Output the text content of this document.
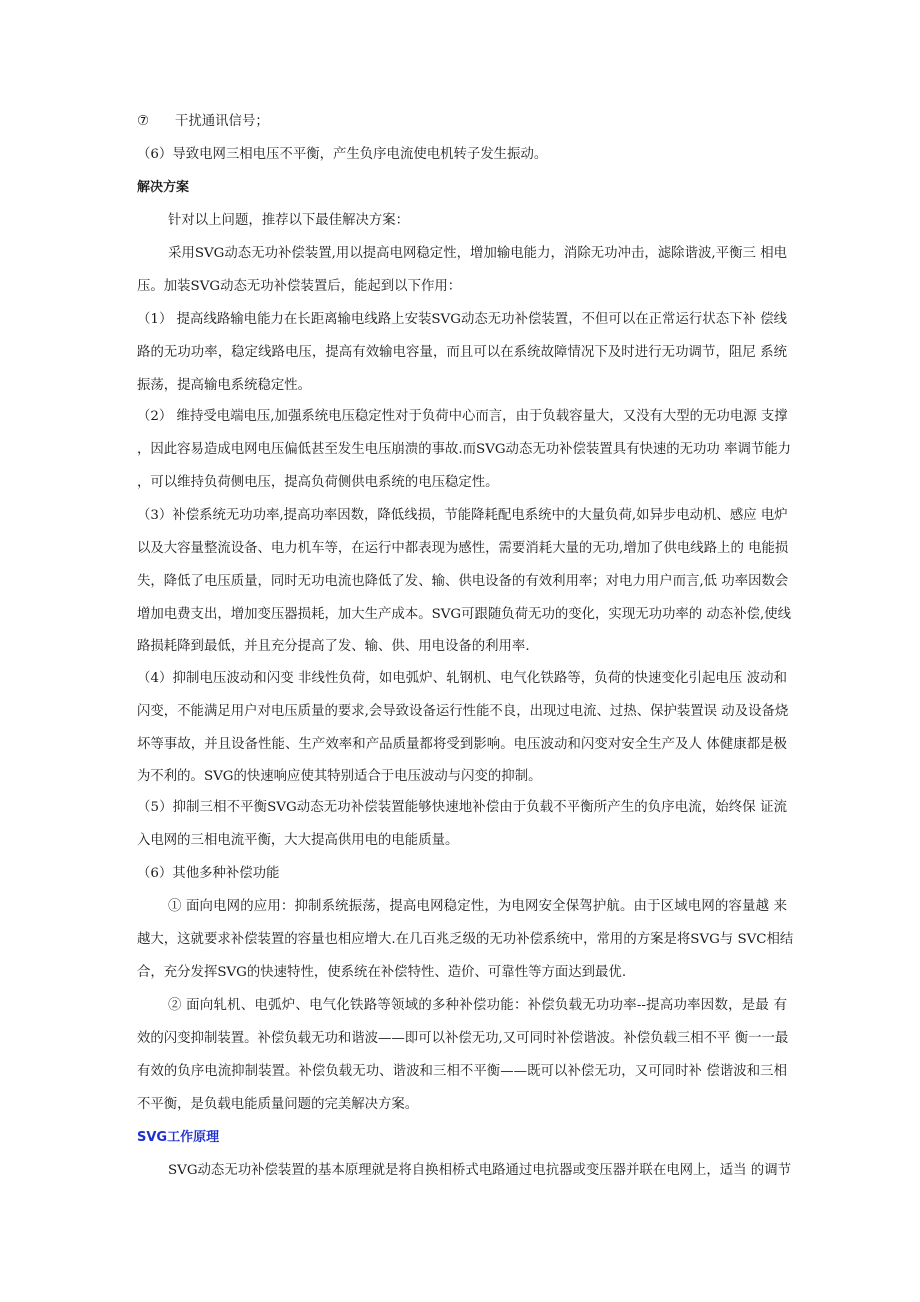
⑦ 干扰通讯信号；
（6）导致电网三相电压不平衡，产生负序电流使电机转子发生振动。
解决方案
针对以上问题，推荐以下最佳解决方案：
采用SVG动态无功补偿装置,用以提高电网稳定性，增加输电能力，消除无功冲击，滤除谐波,平衡三 相电
压。加装SVG动态无功补偿装置后，能起到以下作用：
（1） 提高线路输电能力在长距离输电线路上安装SVG动态无功补偿装置，不但可以在正常运行状态下补 偿线
路的无功功率，稳定线路电压，提高有效输电容量，而且可以在系统故障情况下及时进行无功调节，阻尼 系统
振荡，提高输电系统稳定性。
（2） 维持受电端电压,加强系统电压稳定性对于负荷中心而言，由于负载容量大，又没有大型的无功电源 支撑
，因此容易造成电网电压偏低甚至发生电压崩溃的事故.而SVG动态无功补偿装置具有快速的无功功 率调节能力
，可以维持负荷侧电压，提高负荷侧供电系统的电压稳定性。
（3）补偿系统无功功率,提高功率因数，降低线损，节能降耗配电系统中的大量负荷,如异步电动机、感应 电炉
以及大容量整流设备、电力机车等，在运行中都表现为感性，需要消耗大量的无功,增加了供电线路上的 电能损
失，降低了电压质量，同时无功电流也降低了发、输、供电设备的有效利用率；对电力用户而言,低 功率因数会
增加电费支出，增加变压器损耗，加大生产成本。SVG可跟随负荷无功的变化，实现无功功率的 动态补偿,使线
路损耗降到最低，并且充分提高了发、输、供、用电设备的利用率.
（4）抑制电压波动和闪变 非线性负荷，如电弧炉、轧钢机、电气化铁路等，负荷的快速变化引起电压 波动和
闪变，不能满足用户对电压质量的要求,会导致设备运行性能不良，出现过电流、过热、保护装置误 动及设备烧
坏等事故，并且设备性能、生产效率和产品质量都将受到影响。电压波动和闪变对安全生产及人 体健康都是极
为不利的。SVG的快速响应使其特别适合于电压波动与闪变的抑制。
（5）抑制三相不平衡SVG动态无功补偿装置能够快速地补偿由于负载不平衡所产生的负序电流，始终保 证流
入电网的三相电流平衡，大大提高供用电的电能质量。
（6）其他多种补偿功能
① 面向电网的应用：抑制系统振荡，提高电网稳定性，为电网安全保驾护航。由于区域电网的容量越 来
越大，这就要求补偿装置的容量也相应增大.在几百兆乏级的无功补偿系统中，常用的方案是将SVG与 SVC相结
合，充分发挥SVG的快速特性，使系统在补偿特性、造价、可靠性等方面达到最优.
② 面向轧机、电弧炉、电气化铁路等领域的多种补偿功能：补偿负载无功功率--提高功率因数，是最 有
效的闪变抑制装置。补偿负载无功和谐波——即可以补偿无功,又可同时补偿谐波。补偿负载三相不平 衡一一最
有效的负序电流抑制装置。补偿负载无功、谐波和三相不平衡——既可以补偿无功，又可同时补 偿谐波和三相
不平衡，是负载电能质量问题的完美解决方案。
SVG工作原理
SVG动态无功补偿装置的基本原理就是将自换相桥式电路通过电抗器或变压器并联在电网上，适当 的调节
